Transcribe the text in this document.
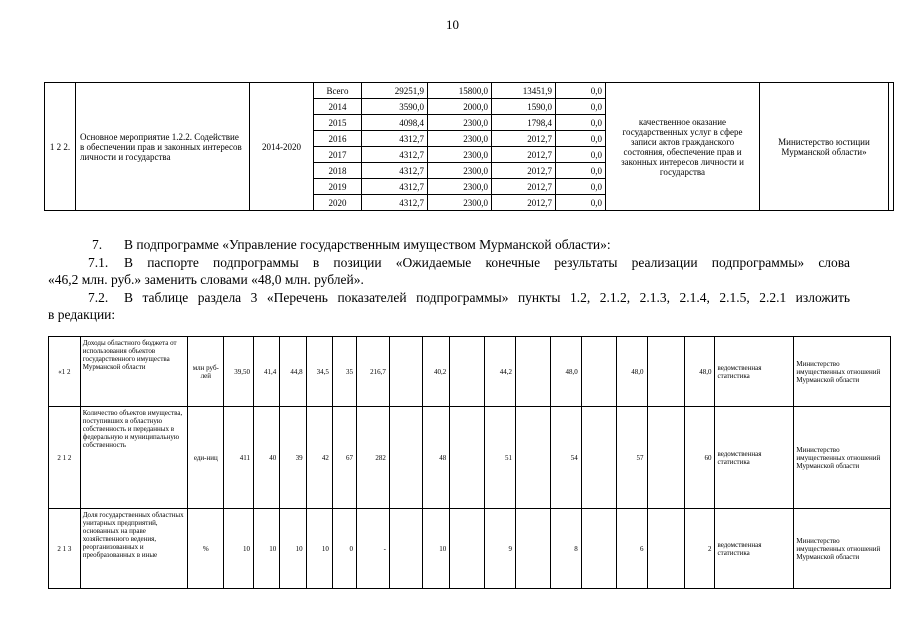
10
1 2 2.	Основное мероприятие 1.2.2. Содействие в обеспечении прав и законных интересов личности и государства	2014-2020	Всего	29251,9	15800,0	13451,9	0,0	качественное оказание государственных услуг в сфере записи актов гражданского состояния, обеспечение прав и законных интересов личности и государства	Министерство юстиции Мурманской области»	
			2014	3590,0	2000,0	1590,0	0,0			
			2015	4098,4	2300,0	1798,4	0,0			
			2016	4312,7	2300,0	2012,7	0,0			
			2017	4312,7	2300,0	2012,7	0,0			
			2018	4312,7	2300,0	2012,7	0,0			
			2019	4312,7	2300,0	2012,7	0,0			
			2020	4312,7	2300,0	2012,7	0,0			
7. В подпрограмме «Управление государственным имуществом Мурманской области»:
7.1. В паспорте подпрограммы в позиции «Ожидаемые конечные результаты реализации подпрограммы» слова
«46,2 млн. руб.» заменить словами «48,0 млн. рублей».
7.2. В таблице раздела 3 «Перечень показателей подпрограммы» пункты 1.2, 2.1.2, 2.1.3, 2.1.4, 2.1.5, 2.2.1 изложить
в редакции:
«1 2	Доходы областного бюджета от использования объектов государственного имущества Мурманской области	млн руб-лей	39,50	41,4	44,8	34,5	35	216,7		40,2		44,2		48,0		48,0		48,0	ведомственная статистика	Министерство имущественных отношений Мурманской области
2 1 2	Количество объектов имущества, поступивших в областную собственность и переданных в федеральную и муниципальную собственность	еди-ниц	411	40	39	42	67	282		48		51		54		57		60	ведомственная статистика	Министерство имущественных отношений Мурманской области
2 1 3	Доля государственных областных унитарных предприятий, основанных на праве хозяйственного ведения, реорганизованных и преобразованных в иные	%	10	10	10	10	0	-		10		9		8		6		2	ведомственная статистика	Министерство имущественных отношений Мурманской области
